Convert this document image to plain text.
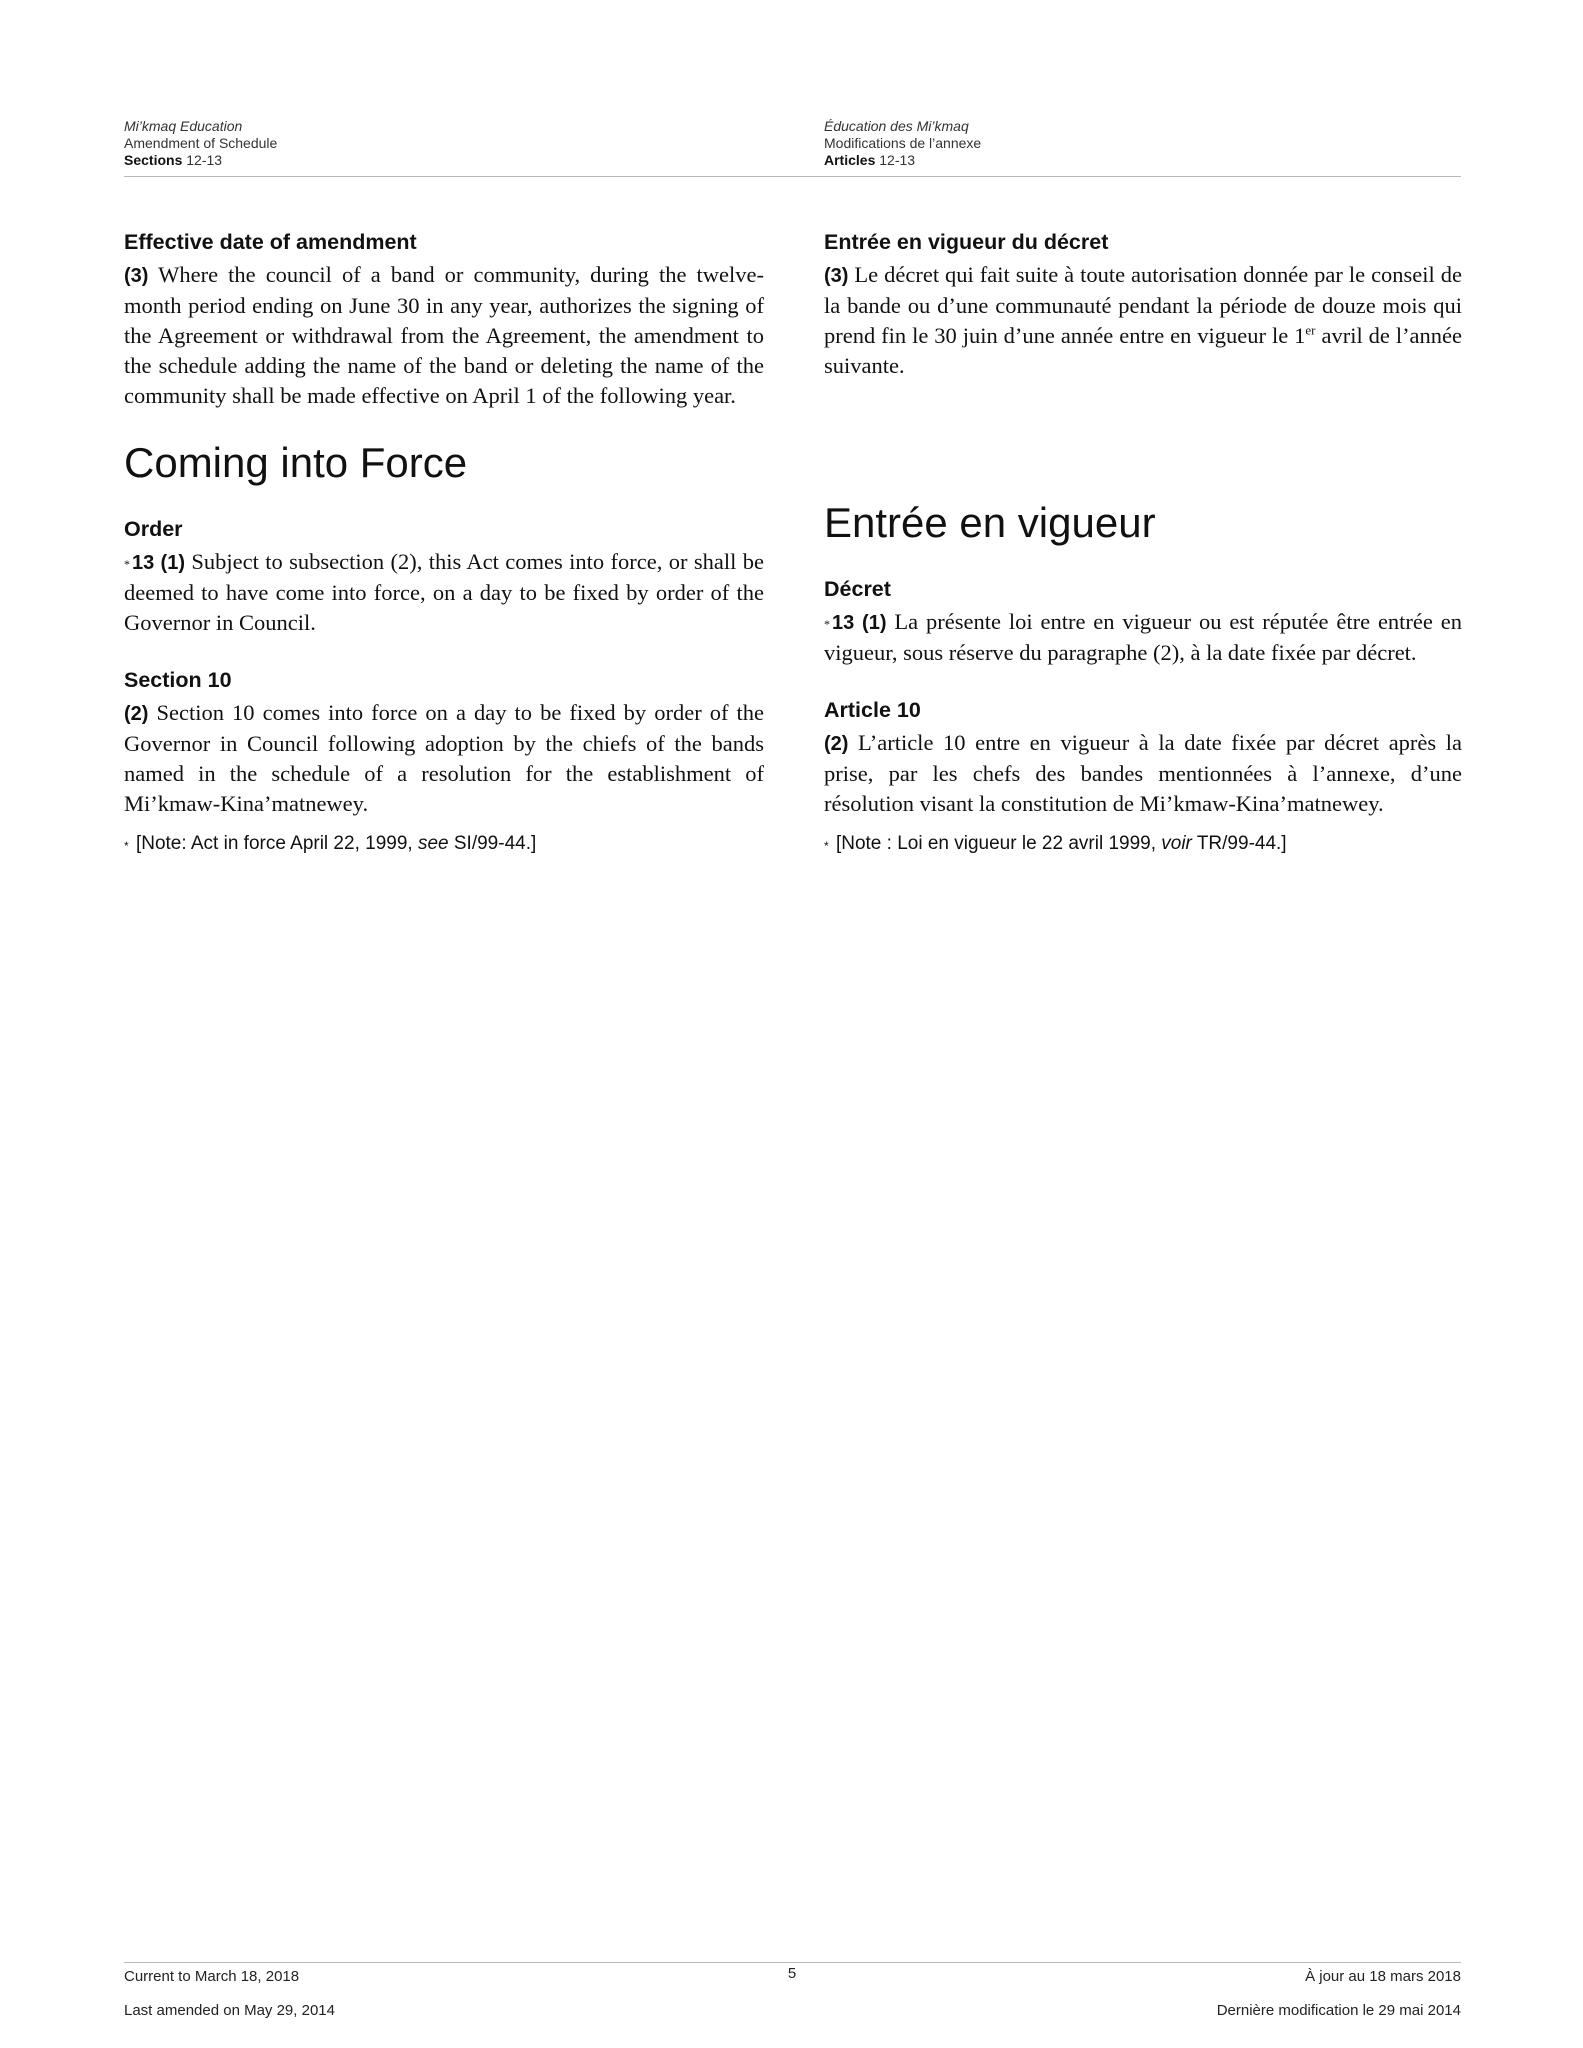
Mi’kmaq Education
Amendment of Schedule
Sections 12-13
Éducation des Mi’kmaq
Modifications de l’annexe
Articles 12-13
Effective date of amendment

(3) Where the council of a band or community, during the twelve-month period ending on June 30 in any year, authorizes the signing of the Agreement or withdrawal from the Agreement, the amendment to the schedule adding the name of the band or deleting the name of the community shall be made effective on April 1 of the following year.

Coming into Force
Order

* 13 (1) Subject to subsection (2), this Act comes into force, or shall be deemed to have come into force, on a day to be fixed by order of the Governor in Council.

Section 10

(2) Section 10 comes into force on a day to be fixed by order of the Governor in Council following adoption by the chiefs of the bands named in the schedule of a resolution for the establishment of Mi’kmaw-Kina’matnewey.

* [Note: Act in force April 22, 1999, see SI/99-44.]
Entrée en vigueur du décret

(3) Le décret qui fait suite à toute autorisation donnée par le conseil de la bande ou d’une communauté pendant la période de douze mois qui prend fin le 30 juin d’une année entre en vigueur le 1er avril de l’année suivante.

Entrée en vigueur
Décret

* 13 (1) La présente loi entre en vigueur ou est réputée être entrée en vigueur, sous réserve du paragraphe (2), à la date fixée par décret.

Article 10

(2) L’article 10 entre en vigueur à la date fixée par décret après la prise, par les chefs des bandes mentionnées à l’annexe, d’une résolution visant la constitution de Mi’kmaw-Kina’matnewey.

* [Note : Loi en vigueur le 22 avril 1999, voir TR/99-44.]
Current to March 18, 2018
Last amended on May 29, 2014
5	À jour au 18 mars 2018
Dernière modification le 29 mai 2014
